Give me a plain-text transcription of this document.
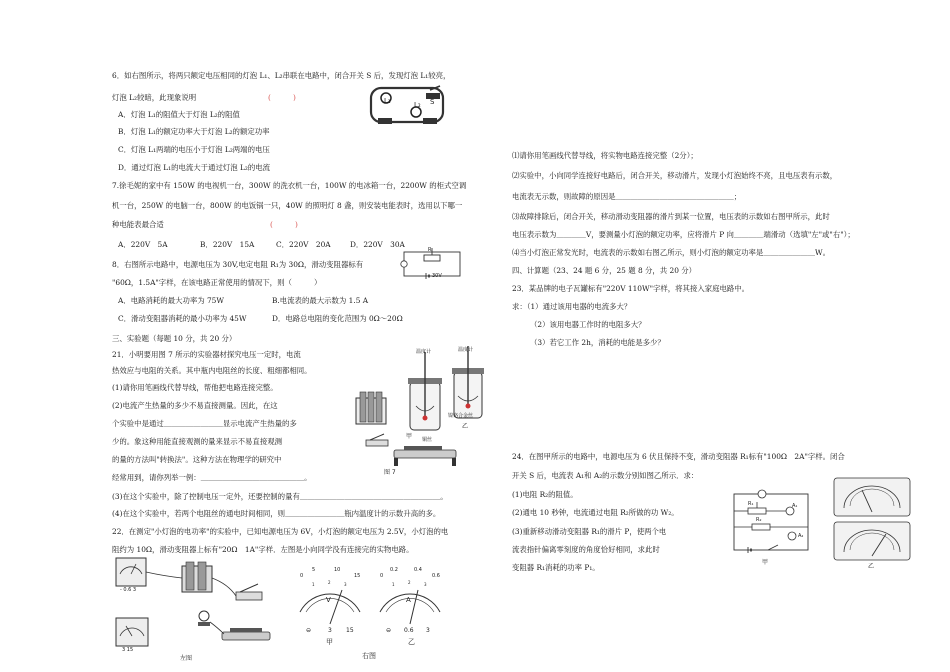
6．如右图所示，将两只额定电压相同的灯泡 L₁、L₂串联在电路中，闭合开关 S 后，发现灯泡 L₁较亮，
灯泡 L₂较暗，此现象说明	(　　　)
A．灯泡 L₁的阻值大于灯泡 L₂的阻值
B．灯泡 L₁的额定功率大于灯泡 L₂的额定功率
C．灯泡 L₁两端的电压小于灯泡 L₂两端的电压
D．通过灯泡 L₁的电流大于通过灯泡 L₂的电流
L₁	L₂ S
7.徐毛妮的家中有 150W 的电视机一台，300W 的洗衣机一台，100W 的电冰箱一台，2200W 的柜式空调
机一台，250W 的电脑一台，800W 的电饭锅一只，40W 的照明灯 8 盏，则安装电能表时，选用以下哪一
种电能表最合适	(　　　)
A．220V　5A	B．220V　15A	C．220V　20A	D．220V　30A
8．右图所示电路中，电源电压为 30V,电定电阻 R₁为 30Ω，滑动变阻器标有
"60Ω，1.5A"字样，在该电路正常使用的情况下，则（　　　）
A．电路消耗的最大功率为 75W	B.电流表的最大示数为 1.5 A
C．滑动变阻器消耗的最小功率为 45W	D．电路总电阻的变化范围为 0Ω～20Ω
R
30V
三、实验题（每题 10 分，共 20 分）
21．小明要用图 7 所示的实验器材探究电压一定时，电流
热效应与电阻的关系。其中瓶内电阻丝的长度、粗细都相同。
(1)请你用笔画线代替导线，帮他把电路连接完整。
(2)电流产生热量的多少不易直接测量。因此，在这
个实验中是通过＿＿＿＿＿＿＿＿显示电流产生热量的多
少的。象这种用能直接观测的量来显示不易直接观测
的量的方法叫"转换法"。这种方法在物理学的研究中
经常用到，请你列举一例：＿＿＿＿＿＿＿＿＿＿＿＿＿＿。
(3)在这个实验中，除了控制电压一定外，还要控制的量有＿＿＿＿＿＿＿＿＿＿＿＿＿＿＿＿＿＿＿。
(4)在这个实验中，若两个电阻丝的通电时间相同，则＿＿＿＿＿＿＿＿瓶内温度计的示数升高的多。
温度计	温度计
镍铬合金丝
铜丝
甲
乙
图 7
22．在测定"小灯泡的电功率"的实验中，已知电源电压为 6V，小灯泡的额定电压为 2.5V，小灯泡的电
阻约为 10Ω，滑动变阻器上标有"20Ω　1A"字样．左图是小向同学没有连接完的实物电路。
- 0.6 3
3 15
左图
0
5	10
15
1	2	3
V
0
0.2	0.4
0.6
1	2	3
A
⊖	3 15	⊖ 0.6 3
甲	乙
右图
⑴请你用笔画线代替导线，将实物电路连接完整（2分）；
⑵实验中，小向同学连接好电路后，闭合开关，移动滑片，发现小灯泡始终不亮，且电压表有示数，
电流表无示数，则故障的原因是＿＿＿＿＿＿＿＿＿＿＿＿＿＿＿＿；
⑶故障排除后，闭合开关，移动滑动变阻器的滑片到某一位置，电压表的示数如右图甲所示，此时
电压表示数为＿＿＿＿V，要测量小灯泡的额定功率，应将滑片 P 向＿＿＿＿端滑动（选填"左"或"右"）；
⑷当小灯泡正常发光时，电流表的示数如右图乙所示，则小灯泡的额定功率是＿＿＿＿＿＿＿W。
四、计算题（23、24 题 6 分，25 题 8 分，共 20 分）
23．某品牌的电子瓦罐标有"220V 110W"字样，将其接入家庭电路中。
求：（1）通过该用电器的电流多大？
（2）该用电器工作时的电阻多大？
（3）若它工作 2h，消耗的电能是多少？
24．在图甲所示的电路中，电源电压为 6 伏且保持不变，滑动变阻器 R₁标有"100Ω　2A"字样。闭合
开关 S 后，电流表 A₁和 A₂的示数分别如图乙所示．求：
(1)电阻 R₂的阻值。
(2)通电 10 秒钟，电流通过电阻 R₂所做的功 W₂。
(3)重新移动滑动变阻器 R₁的滑片 P，使两个电
流表指针偏离零刻度的角度恰好相同，求此时
变阻器 R₁消耗的功率 P₁。
R₁
R₂
A₁
A₂
甲
乙
